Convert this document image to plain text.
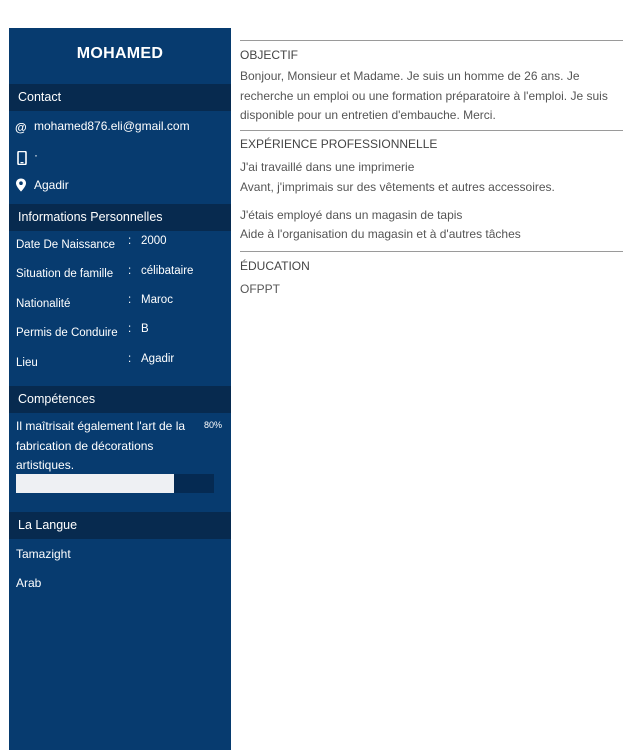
MOHAMED
Contact
@ mohamed876.eli@gmail.com
·
Agadir
Informations Personnelles
Date De Naissance : 2000
Situation de famille : célibataire
Nationalité	: Maroc
Permis de Conduire : B
Lieu	: Agadir
Compétences
Il maîtrisait également l'art de la fabrication de décorations artistiques.
80%
La Langue
Tamazight
Arab
OBJECTIF
Bonjour, Monsieur et Madame. Je suis un homme de 26 ans. Je recherche un emploi ou une formation préparatoire à l'emploi. Je suis disponible pour un entretien d'embauche. Merci.
EXPÉRIENCE PROFESSIONNELLE
J'ai travaillé dans une imprimerie
Avant, j'imprimais sur des vêtements et autres accessoires.
J'étais employé dans un magasin de tapis
Aide à l'organisation du magasin et à d'autres tâches
ÉDUCATION
OFPPT
